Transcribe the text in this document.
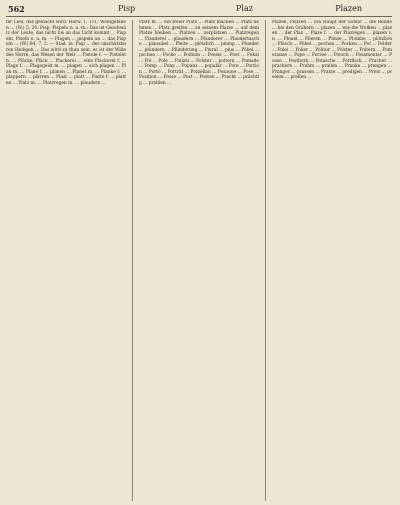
562	Pisp	Plaz	Plazen
fer Lied, das gemacht wird. Herw. 1, 111; Wohlgefallen ... (W.) 5, 20. Pisp, Pispelu n. a. m.: Das ist Geschwätz der Leute, das nicht bis an das Licht kommt ... Pispeln, Piseln n. a. m. — Plagen ... pispeln an ... das Pispeln ... (W.) 84, 7, 2. — Stad. in. Pisp ... der unschätzbaren Heiligen ... Das wird zu thun sein, es ist der Wille des Herrn, das Wesen der Welt ... Pistole f. — Pistolet n. ... Pläcke, Pläck ... Plackerei ... eine Plackerei f. ... Plage f. ... Plagegeist m. ... plagen ... sich plagen ... Plan m. ... Plane f. ... planen ... Planet m. ... Planke f. ... plappern ... plärren ... Plast ... platt ... Platte f. ... platten ... Platz m. ... Platzregen m. ... plaudern ...
Platz m. ... ein freier Platz ... Platz machen ... Platz nehmen ... Platz greifen ... an seinem Platze ... auf dem Platze bleiben ... Platzen ... zerplatzen ... Platzregen ... Plauderei ... plaudern ... Plauderer ... Plaudertasche ... plausibel ... Pleite ... plötzlich ... plump ... Plunder ... plündern ... Plünderung ... Plural ... plus ... Pöbel ... pochen ... Pocke ... Podium ... Poesie ... Poet ... Pokal ... Pol ... Pole ... Polizei ... Polster ... poltern ... Pomade ... Pomp ... Pony ... Popanz ... populär ... Pore ... Portion ... Porto ... Porträt ... Porzellan ... Posaune ... Pose ... Position ... Posse ... Post ... Posten ... Pracht ... prächtig ... prahlen ...
Plazen, Platzen ... Ein Haupt der Söhne ... die Bünde ... bei den Gräbern ... plazen ... wie die Wolken ... plazen ... der Plaz ... Plaze f. ... der Plazregen ... plazen v. n. ... Pleuel ... Plieren ... Plinse ... Plombe ... plötzlich ... Plüsch ... Pöbel ... pochen ... Pocken ... Pol ... Polder ... Polei ... Polier ... Politur ... Polster ... Poltern ... Pomeranze ... Pope ... Porree ... Porsch ... Posamenter ... Posse ... Posthorn ... Potasche ... Pottfisch ... Pracher ... prachern ... Prahm ... prallen ... Pranke ... prangen ... Pranger ... prassen ... Pratze ... predigen ... Preis ... preisen ... prellen ...
